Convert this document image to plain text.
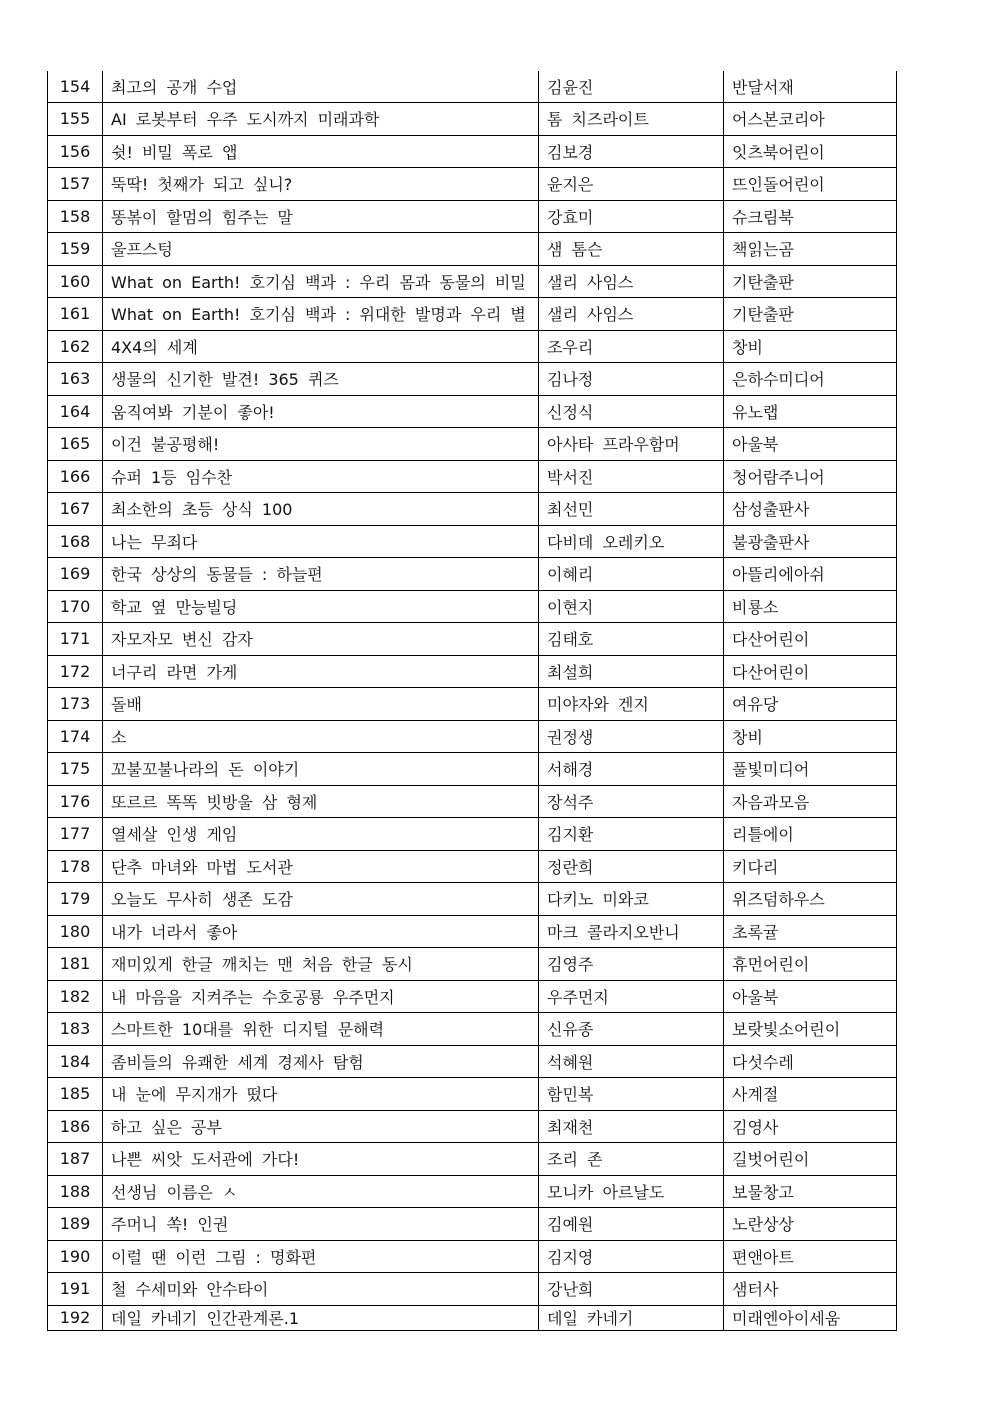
154	최고의 공개 수업	김윤진	반달서재
155	AI 로봇부터 우주 도시까지 미래과학	톰 치즈라이트	어스본코리아
156	쉿! 비밀 폭로 앱	김보경	잇츠북어린이
157	뚝딱! 첫째가 되고 싶니?	윤지은	뜨인돌어린이
158	똥볶이 할멈의 힘주는 말	강효미	슈크림북
159	울프스텅	샘 톰슨	책읽는곰
160	What on Earth! 호기심 백과 : 우리 몸과 동물의 비밀	샐리 사임스	기탄출판
161	What on Earth! 호기심 백과 : 위대한 발명과 우리 별	샐리 사임스	기탄출판
162	4X4의 세계	조우리	창비
163	생물의 신기한 발견! 365 퀴즈	김나정	은하수미디어
164	움직여봐 기분이 좋아!	신정식	유노랩
165	이건 불공평해!	아사타 프라우함머	아울북
166	슈퍼 1등 임수찬	박서진	청어람주니어
167	최소한의 초등 상식 100	최선민	삼성출판사
168	나는 무죄다	다비데 오레키오	불광출판사
169	한국 상상의 동물들 : 하늘편	이혜리	아뜰리에아쉬
170	학교 옆 만능빌딩	이현지	비룡소
171	자모자모 변신 감자	김태호	다산어린이
172	너구리 라면 가게	최설희	다산어린이
173	돌배	미야자와 겐지	여유당
174	소	권정생	창비
175	꼬불꼬불나라의 돈 이야기	서해경	풀빛미디어
176	또르르 똑똑 빗방울 삼 형제	장석주	자음과모음
177	열세살 인생 게임	김지환	리틀에이
178	단추 마녀와 마법 도서관	정란희	키다리
179	오늘도 무사히 생존 도감	다키노 미와코	위즈덤하우스
180	내가 너라서 좋아	마크 콜라지오반니	초록귤
181	재미있게 한글 깨치는 맨 처음 한글 동시	김영주	휴먼어린이
182	내 마음을 지켜주는 수호공룡 우주먼지	우주먼지	아울북
183	스마트한 10대를 위한 디지털 문해력	신유종	보랏빛소어린이
184	좀비들의 유쾌한 세계 경제사 탐험	석혜원	다섯수레
185	내 눈에 무지개가 떴다	함민복	사계절
186	하고 싶은 공부	최재천	김영사
187	나쁜 씨앗 도서관에 가다!	조리 존	길벗어린이
188	선생님 이름은 ㅅ	모니카 아르날도	보물창고
189	주머니 쏙! 인권	김예원	노란상상
190	이럴 땐 이런 그림 : 명화편	김지영	편앤아트
191	철 수세미와 안수타이	강난희	샘터사
192	데일 카네기 인간관계론.1	데일 카네기	미래엔아이세움
